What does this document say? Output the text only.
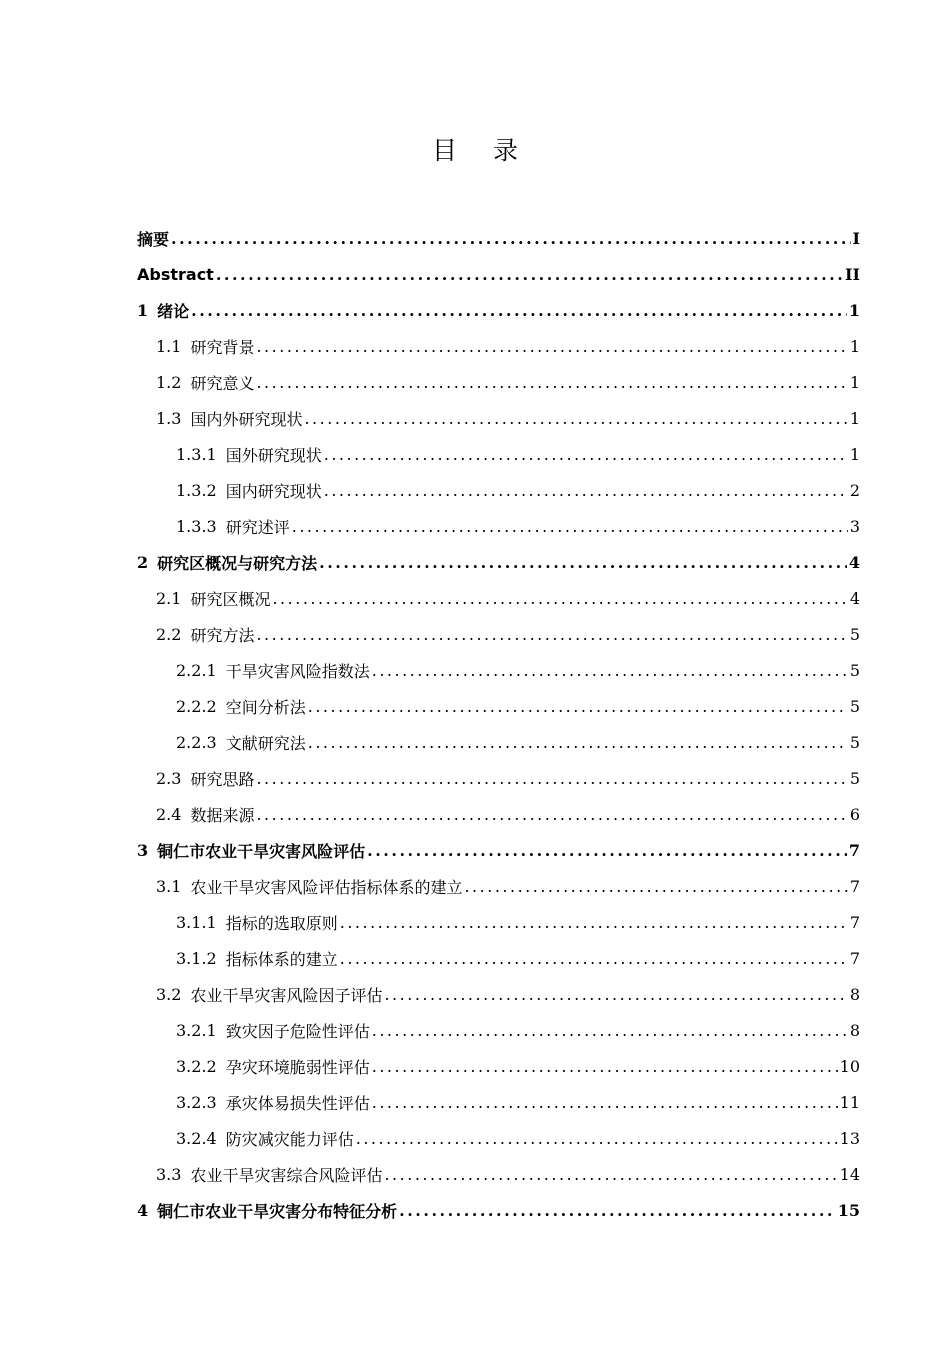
目 录
摘要 .....	I
Abstract .....	II
1 绪论 .....	1
1.1 研究背景 .....	1
1.2 研究意义 .....	1
1.3 国内外研究现状 .....	1
1.3.1 国外研究现状 .....	1
1.3.2 国内研究现状 .....	2
1.3.3 研究述评 .....	3
2 研究区概况与研究方法 .....	4
2.1 研究区概况 .....	4
2.2 研究方法 .....	5
2.2.1 干旱灾害风险指数法 .....	5
2.2.2 空间分析法 .....	5
2.2.3 文献研究法 .....	5
2.3 研究思路 .....	5
2.4 数据来源 .....	6
3 铜仁市农业干旱灾害风险评估 .....	7
3.1 农业干旱灾害风险评估指标体系的建立 .....	7
3.1.1 指标的选取原则 .....	7
3.1.2 指标体系的建立 .....	7
3.2 农业干旱灾害风险因子评估 .....	8
3.2.1 致灾因子危险性评估 .....	8
3.2.2 孕灾环境脆弱性评估 .....	10
3.2.3 承灾体易损失性评估 .....	11
3.2.4 防灾减灾能力评估 .....	13
3.3 农业干旱灾害综合风险评估 .....	14
4 铜仁市农业干旱灾害分布特征分析 .....	15
